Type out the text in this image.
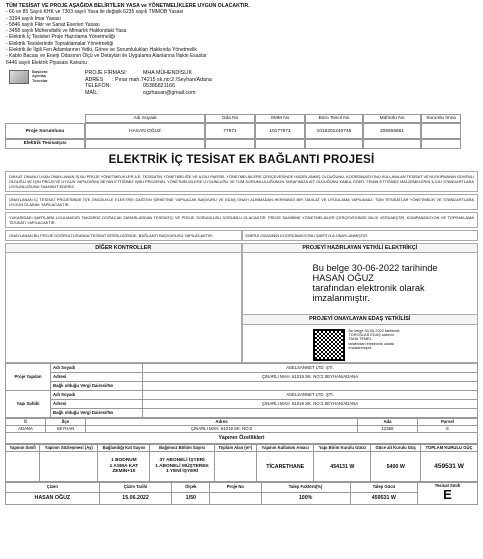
TÜM TESİSAT VE PROJE AŞAĞIDA BELİRTİLEN YASA ve YÖNETMELİKLERE UYGUN OLACAKTIR.
- 66 ve 85 Sayılı KHK ve 7303 sayılı Yasa ile değişik 6235 sayılı TMMOB Yasası
- 3194 sayılı İmar Yasası
- 5846 sayılı Fikir ve Sanat Eserleri Yasası
- 3458 sayılı Mühendislik ve Mimarlık Hakkındaki Yasa
- Elektrik İç Tesisleri Proje Hazırlama Yönetmeliği
- Elektrik Tesislerinde Topraklamalar Yönetmeliği
- Elektrik ile İlgili Fen Adamlarının Yetki, Görev ve Sorumlulukları Hakkında Yönetmelik
- Kablo Bacası ve Enerji Odasının Ölçü ve Detayları ile Uygulama Alanlarına İlişkin Esaslar
6446 sayılı Elektrik Piyasası Kanunu
Başkent
Ayedaş
Toroslar
PROJE FİRMASI:	MHA MÜHENDİSLİK
ADRES	: Pınar mah.74215 sk.no:2 /Seyhan/Adana
TELEFON:	05386821166
MAİL:	ogzhasan@gmail.com
Adı Soyadı	Oda No	SMM No	Büro Tescil No	Mühürlü No	Sorumlu İmza
Proje Sorumlusu	HASAN OĞUZ	77971	10177971	1016201240748	206555661
Elektrik Tesisatçısı
ELEKTRİK İÇ TESİSAT EK BAĞLANTI PROJESİ
DİKKAT ONUNU UYAN ONAYLANAN İŞ BU PROJE YÖNETMELİKLER İLE, TESİSATIN YÖNETMELİĞE VE İLGİLİ PARSEL YÖNETMELİKLERE ÇERÇEVESİNDE HAZIRLANMIŞ OLDUĞUNU, KOORDİNASYONU KULLANILAN TESİSAT VEYA EKİPMANIN GÜVENLİ OLDUĞU VE İŞİN PROJEYE UYGUN YAPILDIĞINI BEYAN ETTİĞİMİZ İŞBU PROJENİN, YÖNETMELİKLERE UYGUNLUĞU VE TÜM SORUMLULUĞUNUN TARAFIMIZA AİT OLDUĞUNU KABUL EDER, TEMİN ETTİĞİMİZ MALZEMELERİN İLGİLİ STANDARTLARA UYGUNLUĞUNU TAAHHÜT EDERİZ.
ONAYLANAN İÇ TESİSAT PROJESİNDE İŞ'E ÖNCELİKLE ELEKTRİK DAĞITIM ŞİRKETİNE YAPILACAK BAŞVURU VE EDAŞ ONAYI ALINMADAN HERHANGİ BİR TADİLAT VE UYGULAMA YAPILAMAZ. TÜM TESİSATLAR YÖNETMELİK VE STANDARTLARA UYGUN OLARAK YAPILACAKTIR.
YUKARIDAKİ ŞARTLARA UYULMADIĞI TAKDİRDE DOĞACAK ZARARLARDAN TESİSATÇI VE PROJE SORUMLUSU SORUMLU OLACAKTIR. PROJE SAHİBİNE YÖNETMELİKLER ÇERÇEVESİNDE BİLGİ VERİLMİŞTİR. KOMPANZASYON VE TOPRAKLAMA TESİSATI YAPILACAKTIR.
ONAYLANAN BU PROJE DOĞRULTUSUNDA TESİSAT BİTİRİLDİĞİNDE, BAĞLANTI BAŞVURUSU YAPILACAKTIR.	ENERJİ ODASININ KOORDİNASYONU ŞARTIYLA ONAYLANMIŞTIR.
DİĞER KONTROLLER	PROJEYİ HAZIRLAYAN YETKİLİ ELEKTRİKÇİ
Bu belge 30-06-2022 tarihinde
HASAN OĞUZ
tarafından elektronik olarak
imzalanmıştır.
PROJEYİ ONAYLAYAN EDAŞ YETKİLİSİ
Bu belge 30-06-2022 tarihinde
TOROSLAR EDAŞ sistemi
TAHA TEMEL
tarafından elektronik olarak
imzalanmıştır.
Proje Yapılan	Adı Soyadı	ASELSANNET LTD. ŞTİ.
	Adresi	ÇINARLI MAH. 61019 SK. NO:2 SEYHAN/ADANA
	Bağlı olduğu Vergi Dairesi/No	
Yapı Sahibi	Adı Soyadı	ASELSANNET LTD. ŞTİ.
	Adresi	ÇINARLI MAH. 61019 SK. NO:2 SEYHAN/ADANA
	Bağlı olduğu Vergi Dairesi/No	
İl	İlçe	Adres	Ada	Parsel
ADANA	SEYHAN	ÇINARLI MAH. 61019 SK. NO:2	12368	8
Yapının Özellikleri
Yapının Sınıfı	Yapının Sözleşmesi (Ay)	Bağlandığı Kat Sayısı	Bağımsız Bölüm Sayısı	Toplam Alan (m²)	Yapının Kullanım Amacı	Yapı Birim Kurulu Gücü	Güce ait Kurulu Güç	TOPLAM KURULU GÜÇ
		1 BODRUM
1 ASMA KAT
ZEMİN+10	37 ABONELİ İŞYERİ
1 ABONELİ MÜŞTEREK
1 YENİ İŞYERİ		TİCARETHANE	454131 W	5400 W	459531 W
Çizen	Çizim Tarihi	Ölçek	Proje No	Talep Faktörü(%)	Talep Gücü	Tesisat Sınıfı
E

HASAN OĞUZ	15.06.2022	1/50		100%	459531 W	
